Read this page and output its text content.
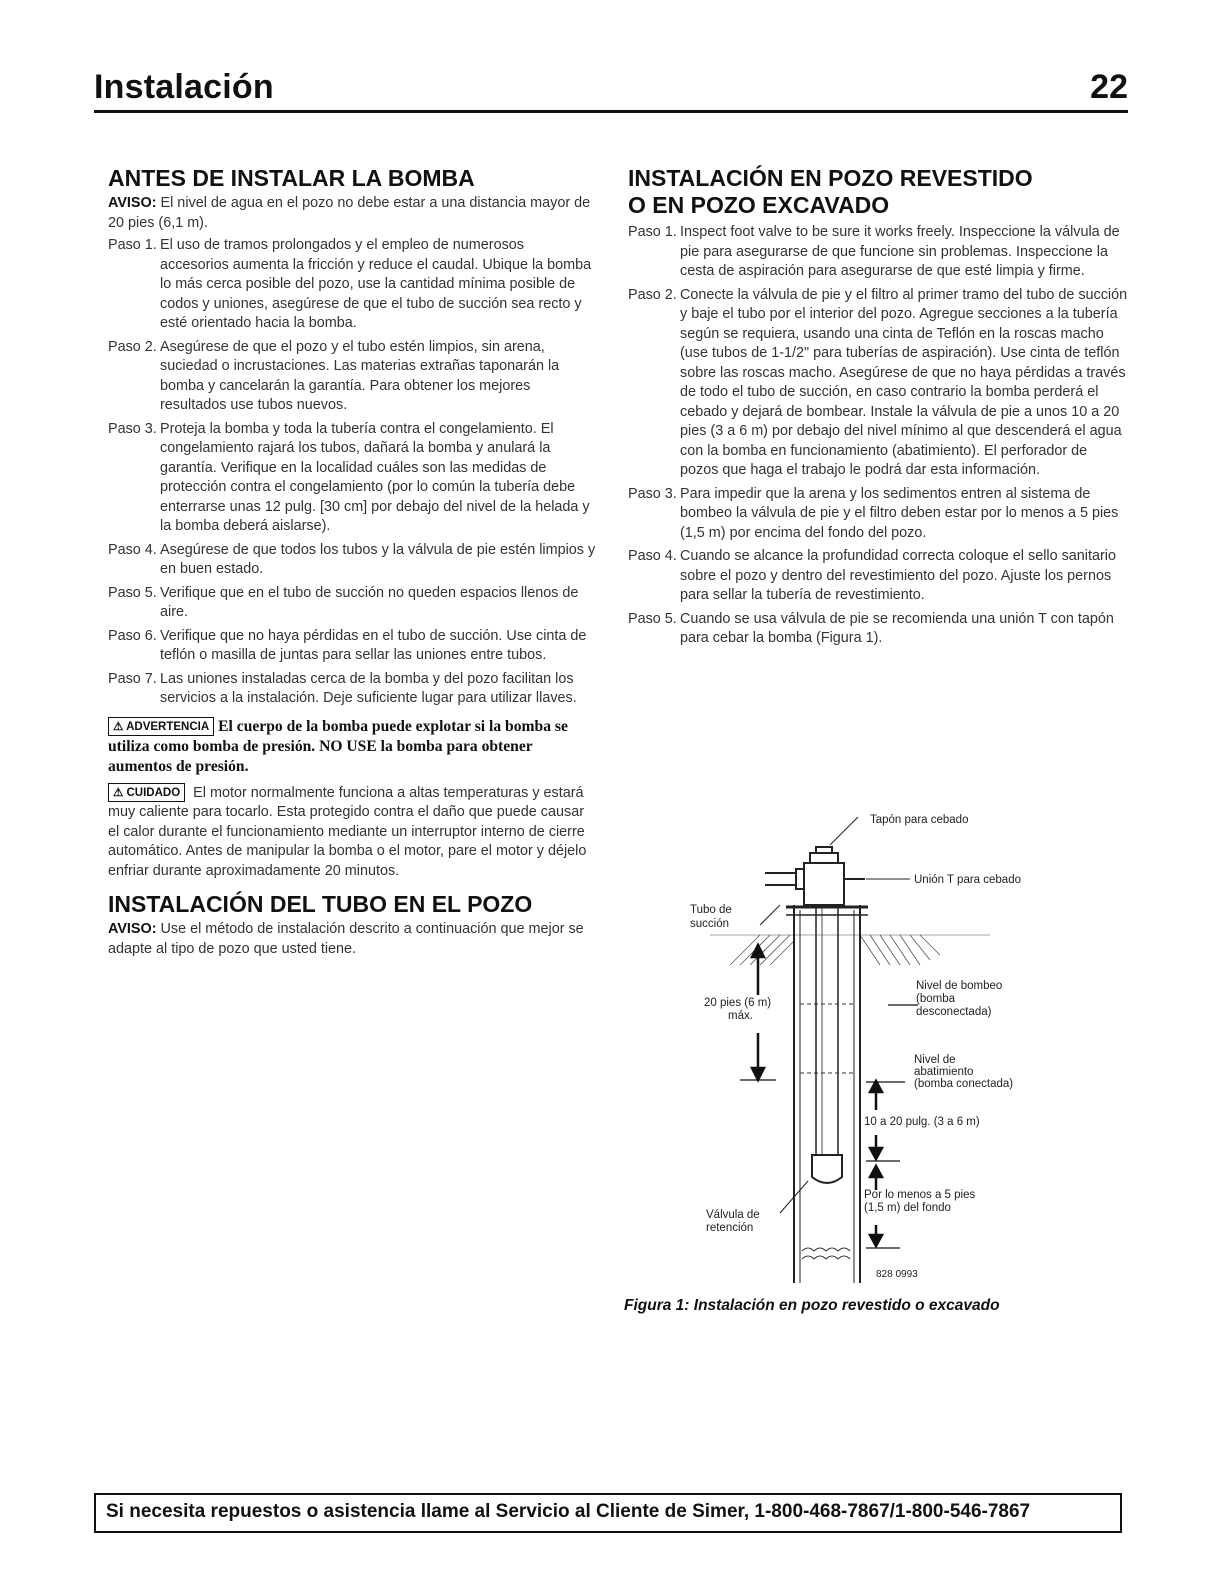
Instalación	22
ANTES DE INSTALAR LA BOMBA

AVISO: El nivel de agua en el pozo no debe estar a una distancia mayor de 20 pies (6,1 m).

Paso 1. El uso de tramos prolongados y el empleo de numerosos accesorios aumenta la fricción y reduce el caudal. Ubique la bomba lo más cerca posible del pozo, use la cantidad mínima posible de codos y uniones, asegúrese de que el tubo de succión sea recto y esté orientado hacia la bomba.
Paso 2. Asegúrese de que el pozo y el tubo estén limpios, sin arena, suciedad o incrustaciones. Las materias extrañas taponarán la bomba y cancelarán la garantía. Para obtener los mejores resultados use tubos nuevos.
Paso 3. Proteja la bomba y toda la tubería contra el congelamiento. El congelamiento rajará los tubos, dañará la bomba y anulará la garantía. Verifique en la localidad cuáles son las medidas de protección contra el congelamiento (por lo común la tubería debe enterrarse unas 12 pulg. [30 cm] por debajo del nivel de la helada y la bomba deberá aislarse).
Paso 4. Asegúrese de que todos los tubos y la válvula de pie estén limpios y en buen estado.
Paso 5. Verifique que en el tubo de succión no queden espacios llenos de aire.
Paso 6. Verifique que no haya pérdidas en el tubo de succión. Use cinta de teflón o masilla de juntas para sellar las uniones entre tubos.
Paso 7. Las uniones instaladas cerca de la bomba y del pozo facilitan los servicios a la instalación. Deje suficiente lugar para utilizar llaves.

⚠ ADVERTENCIA El cuerpo de la bomba puede explotar si la bomba se utiliza como bomba de presión. NO USE la bomba para obtener aumentos de presión.

⚠ CUIDADO El motor normalmente funciona a altas temperaturas y estará muy caliente para tocarlo. Esta protegido contra el daño que puede causar el calor durante el funcionamiento mediante un interruptor interno de cierre automático. Antes de manipular la bomba o el motor, pare el motor y déjelo enfriar durante aproximadamente 20 minutos.

INSTALACIÓN DEL TUBO EN EL POZO

AVISO: Use el método de instalación descrito a continuación que mejor se adapte al tipo de pozo que usted tiene.

INSTALACIÓN EN POZO REVESTIDO
O EN POZO EXCAVADO
Paso 1. Inspect foot valve to be sure it works freely. Inspeccione la válvula de pie para asegurarse de que funcione sin problemas. Inspeccione la cesta de aspiración para asegurarse de que esté limpia y firme.
Paso 2. Conecte la válvula de pie y el filtro al primer tramo del tubo de succión y baje el tubo por el interior del pozo. Agregue secciones a la tubería según se requiera, usando una cinta de Teflón en la roscas macho (use tubos de 1-1/2" para tuberías de aspiración). Use cinta de teflón sobre las roscas macho. Asegúrese de que no haya pérdidas a través de todo el tubo de succión, en caso contrario la bomba perderá el cebado y dejará de bombear. Instale la válvula de pie a unos 10 a 20 pies (3 a 6 m) por debajo del nivel mínimo al que descenderá el agua con la bomba en funcionamiento (abatimiento). El perforador de pozos que haga el trabajo le podrá dar esta información.
Paso 3. Para impedir que la arena y los sedimentos entren al sistema de bombeo la válvula de pie y el filtro deben estar por lo menos a 5 pies (1,5 m) por encima del fondo del pozo.
Paso 4. Cuando se alcance la profundidad correcta coloque el sello sanitario sobre el pozo y dentro del revestimiento del pozo. Ajuste los pernos para sellar la tubería de revestimiento.
Paso 5. Cuando se usa válvula de pie se recomienda una unión T con tapón para cebar la bomba (Figura 1).
Tapón para cebado
Unión T para cebado
Tubo de
succión
Nivel de bombeo
(bomba
desconectada)
20 pies (6 m)
máx.
Nivel de
abatimiento
(bomba conectada)
10 a 20 pulg. (3 a 6 m)
Por lo menos a 5 pies
(1,5 m) del fondo
Válvula de
retención
828 0993
Figura 1: Instalación en pozo revestido o excavado
Si necesita repuestos o asistencia llame al Servicio al Cliente de Simer, 1-800-468-7867/1-800-546-7867
